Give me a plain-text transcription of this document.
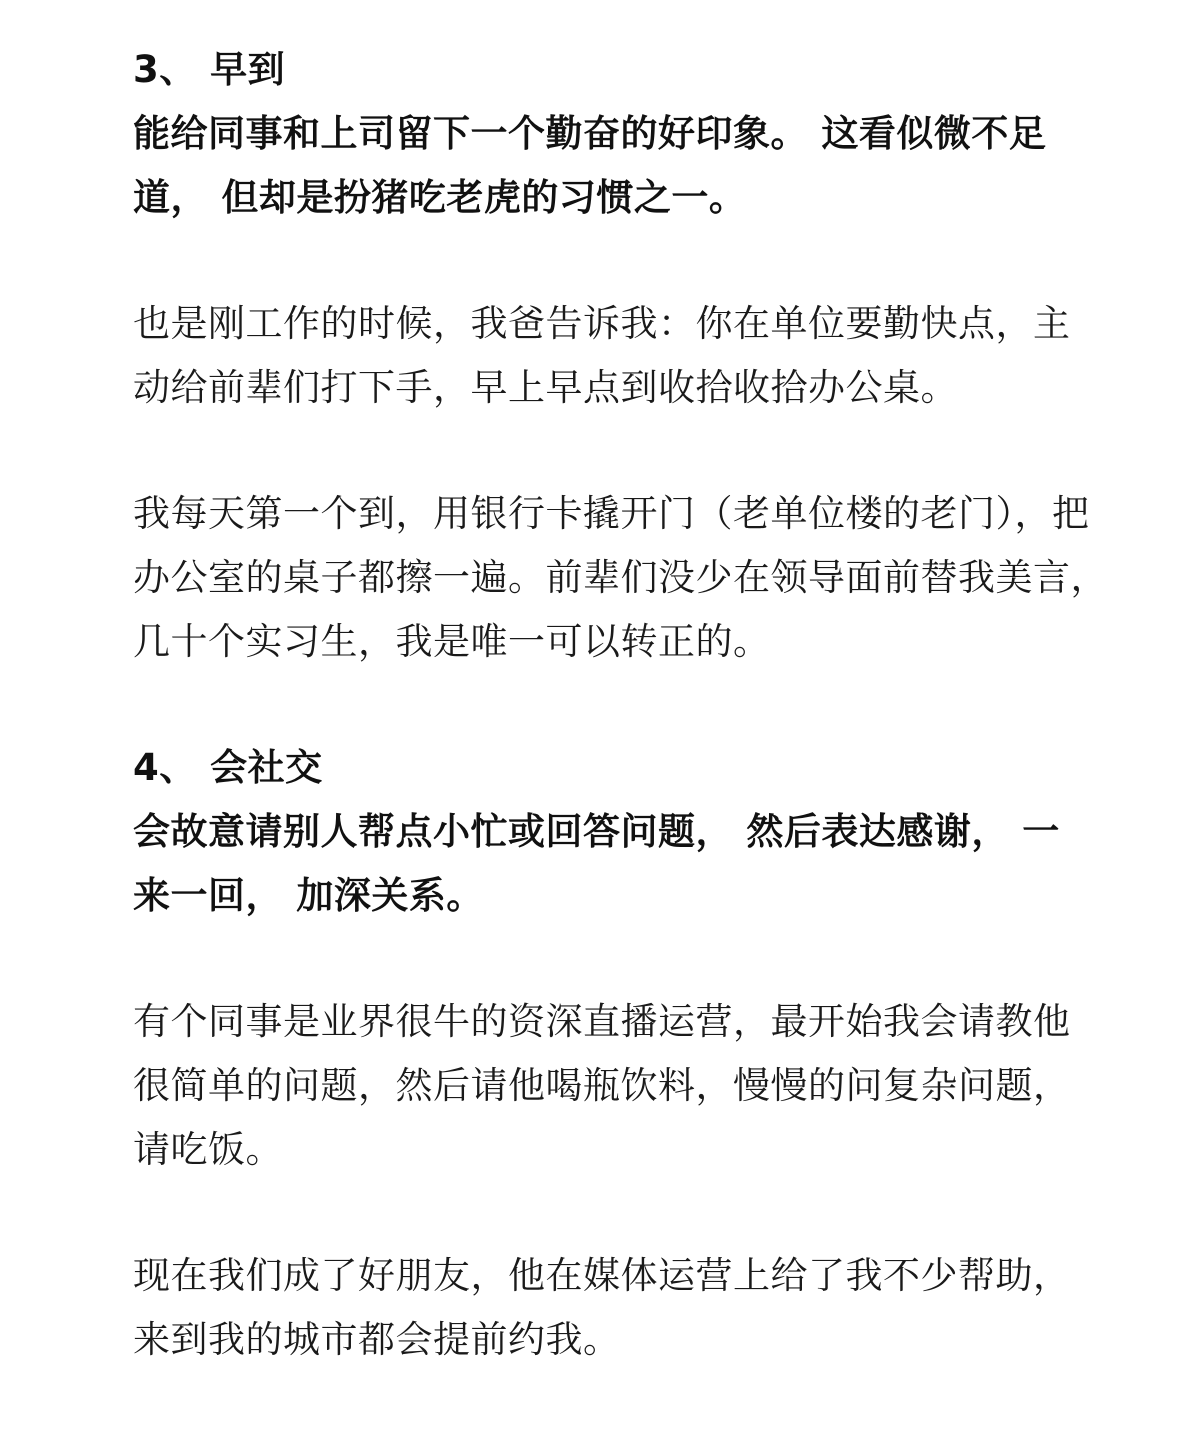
3、 早到
能给同事和上司留下一个勤奋的好印象。 这看似微不足
道， 但却是扮猪吃老虎的习惯之一。
也是刚工作的时候，我爸告诉我：你在单位要勤快点，主
动给前辈们打下手，早上早点到收拾收拾办公桌。
我每天第一个到，用银行卡撬开门（老单位楼的老门），把
办公室的桌子都擦一遍。前辈们没少在领导面前替我美言，
几十个实习生，我是唯一可以转正的。
4、 会社交
会故意请别人帮点小忙或回答问题， 然后表达感谢， 一
来一回， 加深关系。
有个同事是业界很牛的资深直播运营，最开始我会请教他
很简单的问题，然后请他喝瓶饮料，慢慢的问复杂问题，
请吃饭。
现在我们成了好朋友，他在媒体运营上给了我不少帮助，
来到我的城市都会提前约我。
